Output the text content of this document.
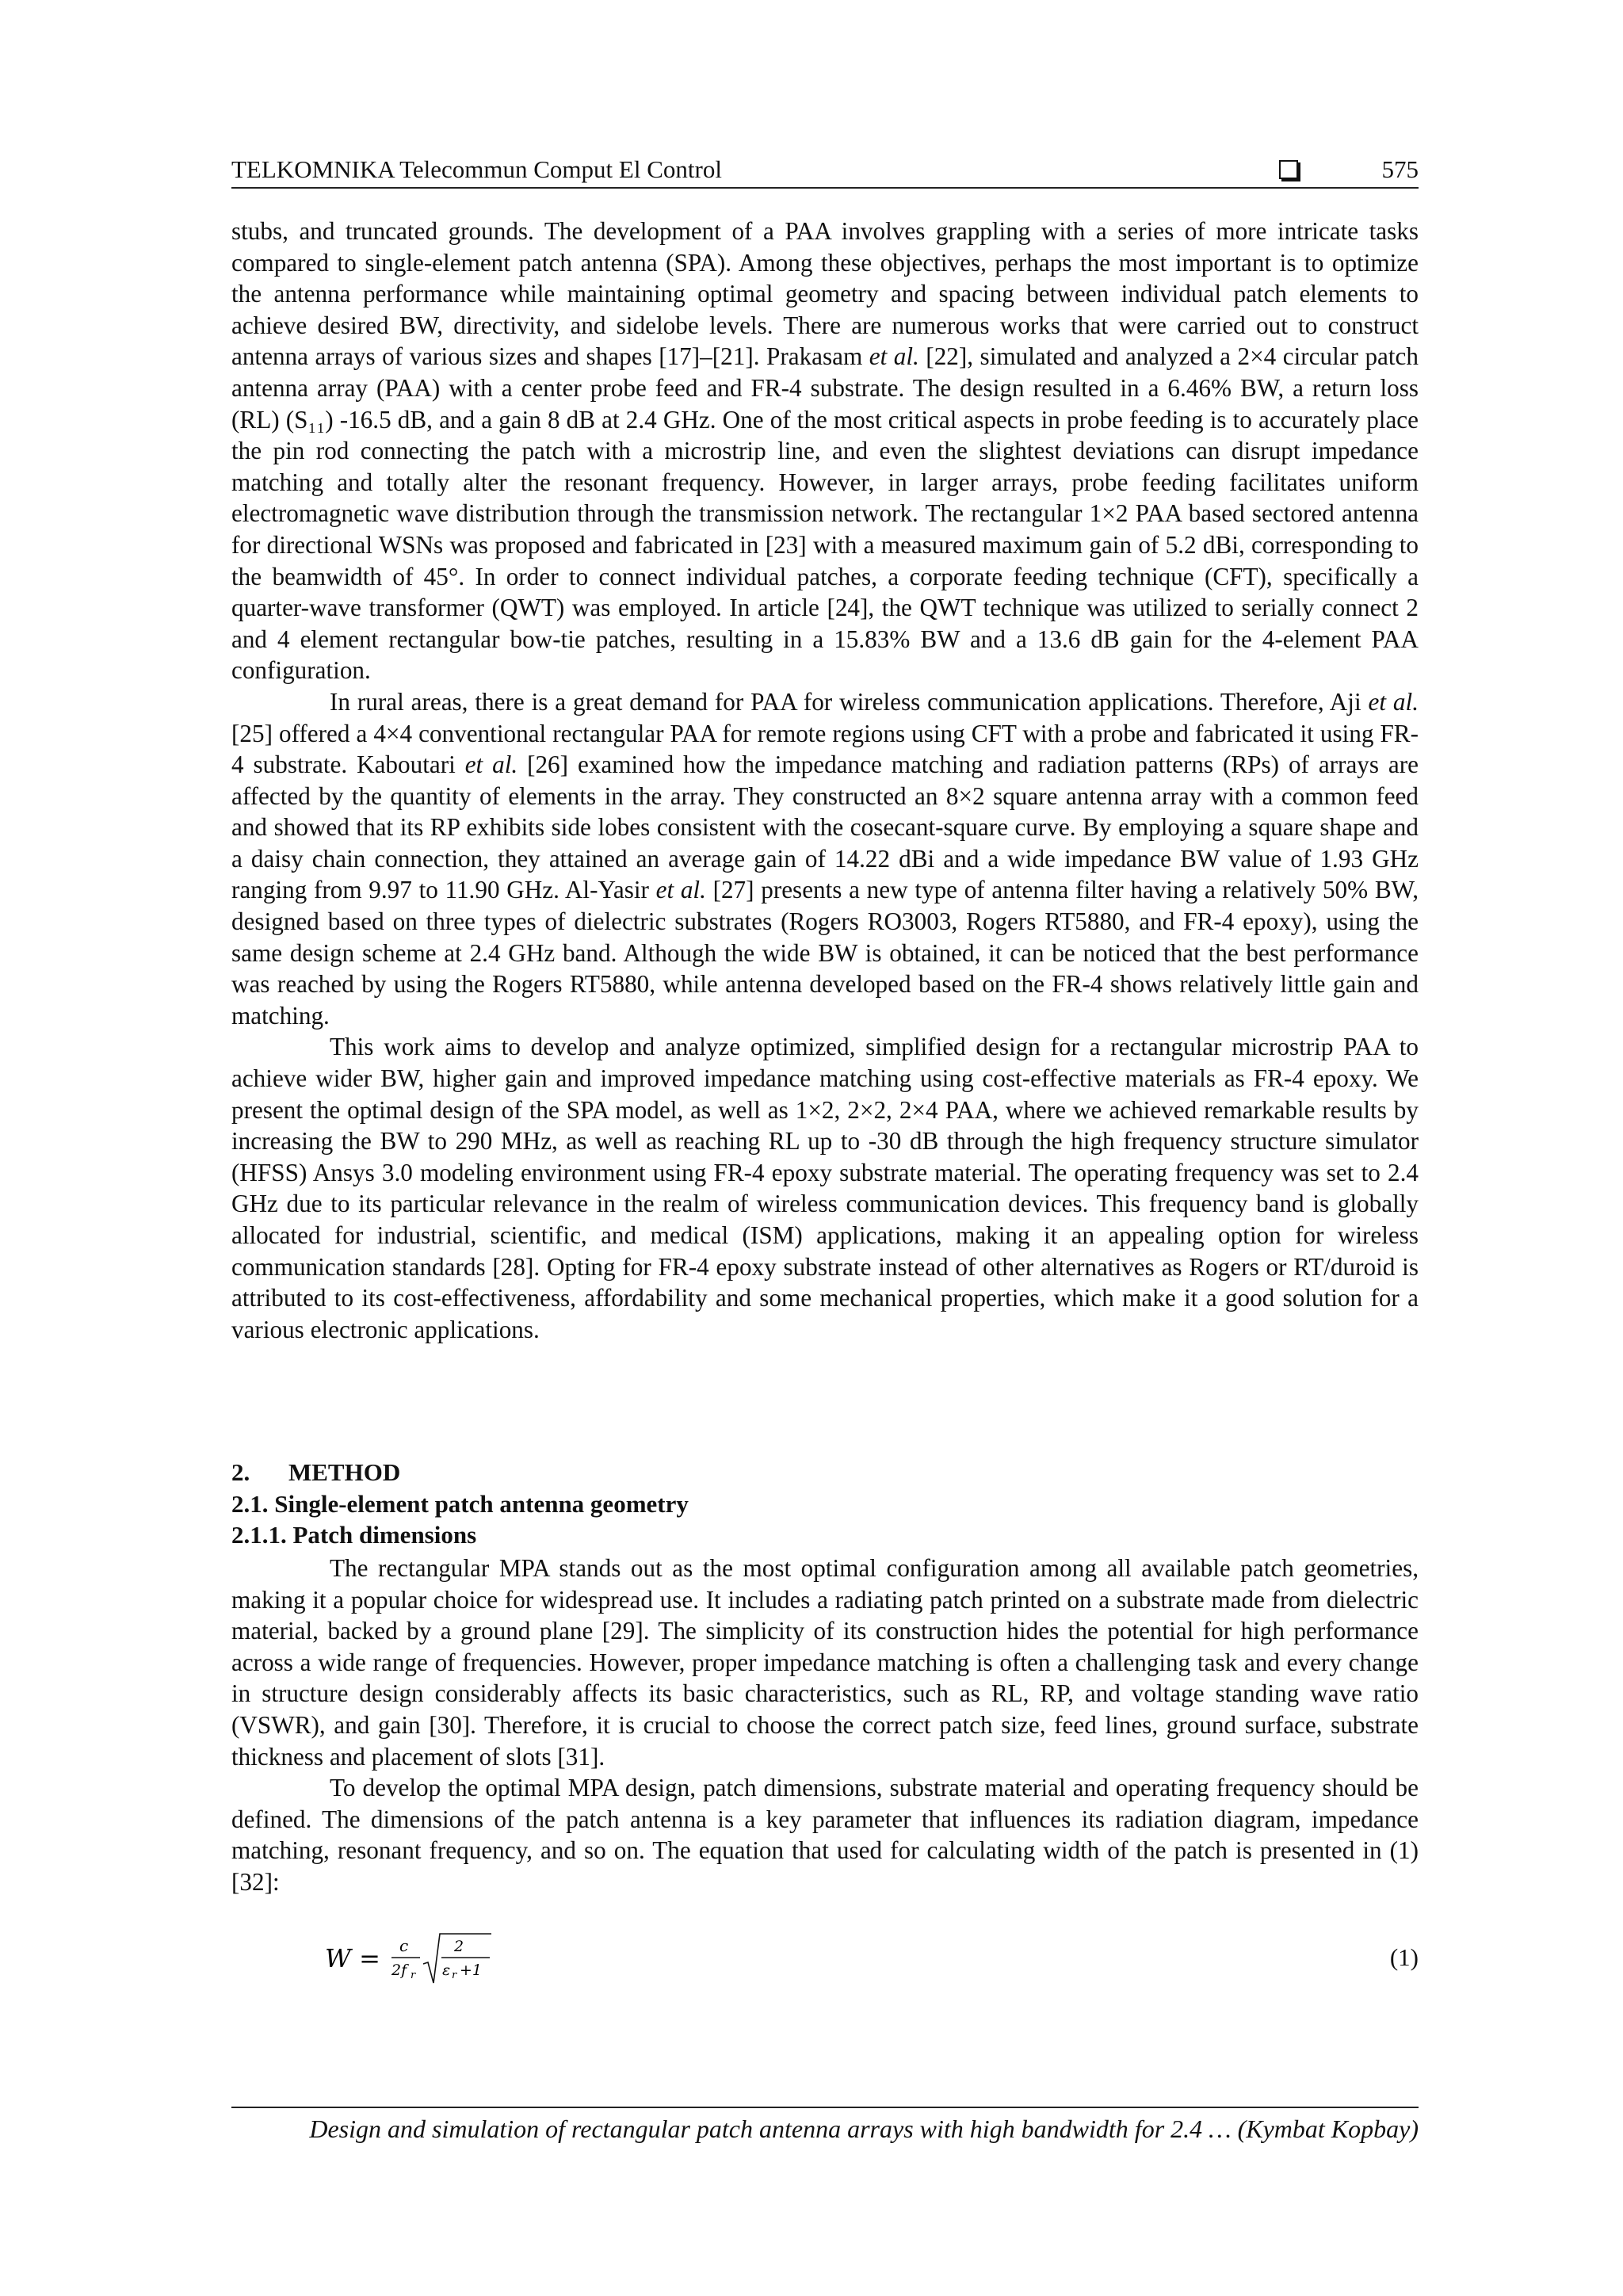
TELKOMNIKA Telecommun Comput El Control	575

stubs, and truncated grounds. The development of a PAA involves grappling with a series of more intricate tasks compared to single-element patch antenna (SPA). Among these objectives, perhaps the most important is to optimize the antenna performance while maintaining optimal geometry and spacing between individual patch elements to achieve desired BW, directivity, and sidelobe levels. There are numerous works that were carried out to construct antenna arrays of various sizes and shapes [17]–[21]. Prakasam et al. [22], simulated and analyzed a 2×4 circular patch antenna array (PAA) with a center probe feed and FR-4 substrate. The design resulted in a 6.46% BW, a return loss (RL) (S₁₁) -16.5 dB, and a gain 8 dB at 2.4 GHz. One of the most critical aspects in probe feeding is to accurately place the pin rod connecting the patch with a microstrip line, and even the slightest deviations can disrupt impedance matching and totally alter the resonant frequency. However, in larger arrays, probe feeding facilitates uniform electromagnetic wave distribution through the transmission network. The rectangular 1×2 PAA based sectored antenna for directional WSNs was proposed and fabricated in [23] with a measured maximum gain of 5.2 dBi, corresponding to the beamwidth of 45°. In order to connect individual patches, a corporate feeding technique (CFT), specifically a quarter-wave transformer (QWT) was employed. In article [24], the QWT technique was utilized to serially connect 2 and 4 element rectangular bow-tie patches, resulting in a 15.83% BW and a 13.6 dB gain for the 4-element PAA configuration.

In rural areas, there is a great demand for PAA for wireless communication applications. Therefore, Aji et al. [25] offered a 4×4 conventional rectangular PAA for remote regions using CFT with a probe and fabricated it using FR-4 substrate. Kaboutari et al. [26] examined how the impedance matching and radiation patterns (RPs) of arrays are affected by the quantity of elements in the array. They constructed an 8×2 square antenna array with a common feed and showed that its RP exhibits side lobes consistent with the cosecant-square curve. By employing a square shape and a daisy chain connection, they attained an average gain of 14.22 dBi and a wide impedance BW value of 1.93 GHz ranging from 9.97 to 11.90 GHz. Al-Yasir et al. [27] presents a new type of antenna filter having a relatively 50% BW, designed based on three types of dielectric substrates (Rogers RO3003, Rogers RT5880, and FR-4 epoxy), using the same design scheme at 2.4 GHz band. Although the wide BW is obtained, it can be noticed that the best performance was reached by using the Rogers RT5880, while antenna developed based on the FR-4 shows relatively little gain and matching.

This work aims to develop and analyze optimized, simplified design for a rectangular microstrip PAA to achieve wider BW, higher gain and improved impedance matching using cost-effective materials as FR-4 epoxy. We present the optimal design of the SPA model, as well as 1×2, 2×2, 2×4 PAA, where we achieved remarkable results by increasing the BW to 290 MHz, as well as reaching RL up to -30 dB through the high frequency structure simulator (HFSS) Ansys 3.0 modeling environment using FR-4 epoxy substrate material. The operating frequency was set to 2.4 GHz due to its particular relevance in the realm of wireless communication devices. This frequency band is globally allocated for industrial, scientific, and medical (ISM) applications, making it an appealing option for wireless communication standards [28]. Opting for FR-4 epoxy substrate instead of other alternatives as Rogers or RT/duroid is attributed to its cost-effectiveness, affordability and some mechanical properties, which make it a good solution for a various electronic applications.

2. METHOD
2.1. Single-element patch antenna geometry
2.1.1. Patch dimensions

The rectangular MPA stands out as the most optimal configuration among all available patch geometries, making it a popular choice for widespread use. It includes a radiating patch printed on a substrate made from dielectric material, backed by a ground plane [29]. The simplicity of its construction hides the potential for high performance across a wide range of frequencies. However, proper impedance matching is often a challenging task and every change in structure design considerably affects its basic characteristics, such as RL, RP, and voltage standing wave ratio (VSWR), and gain [30]. Therefore, it is crucial to choose the correct patch size, feed lines, ground surface, substrate thickness and placement of slots [31].

To develop the optimal MPA design, patch dimensions, substrate material and operating frequency should be defined. The dimensions of the patch antenna is a key parameter that influences its radiation diagram, impedance matching, resonant frequency, and so on. The equation that used for calculating width of the patch is presented in (1) [32]:

W = c
2f r
2
ε r +1	(1)
Design and simulation of rectangular patch antenna arrays with high bandwidth for 2.4 … (Kymbat Kopbay)
